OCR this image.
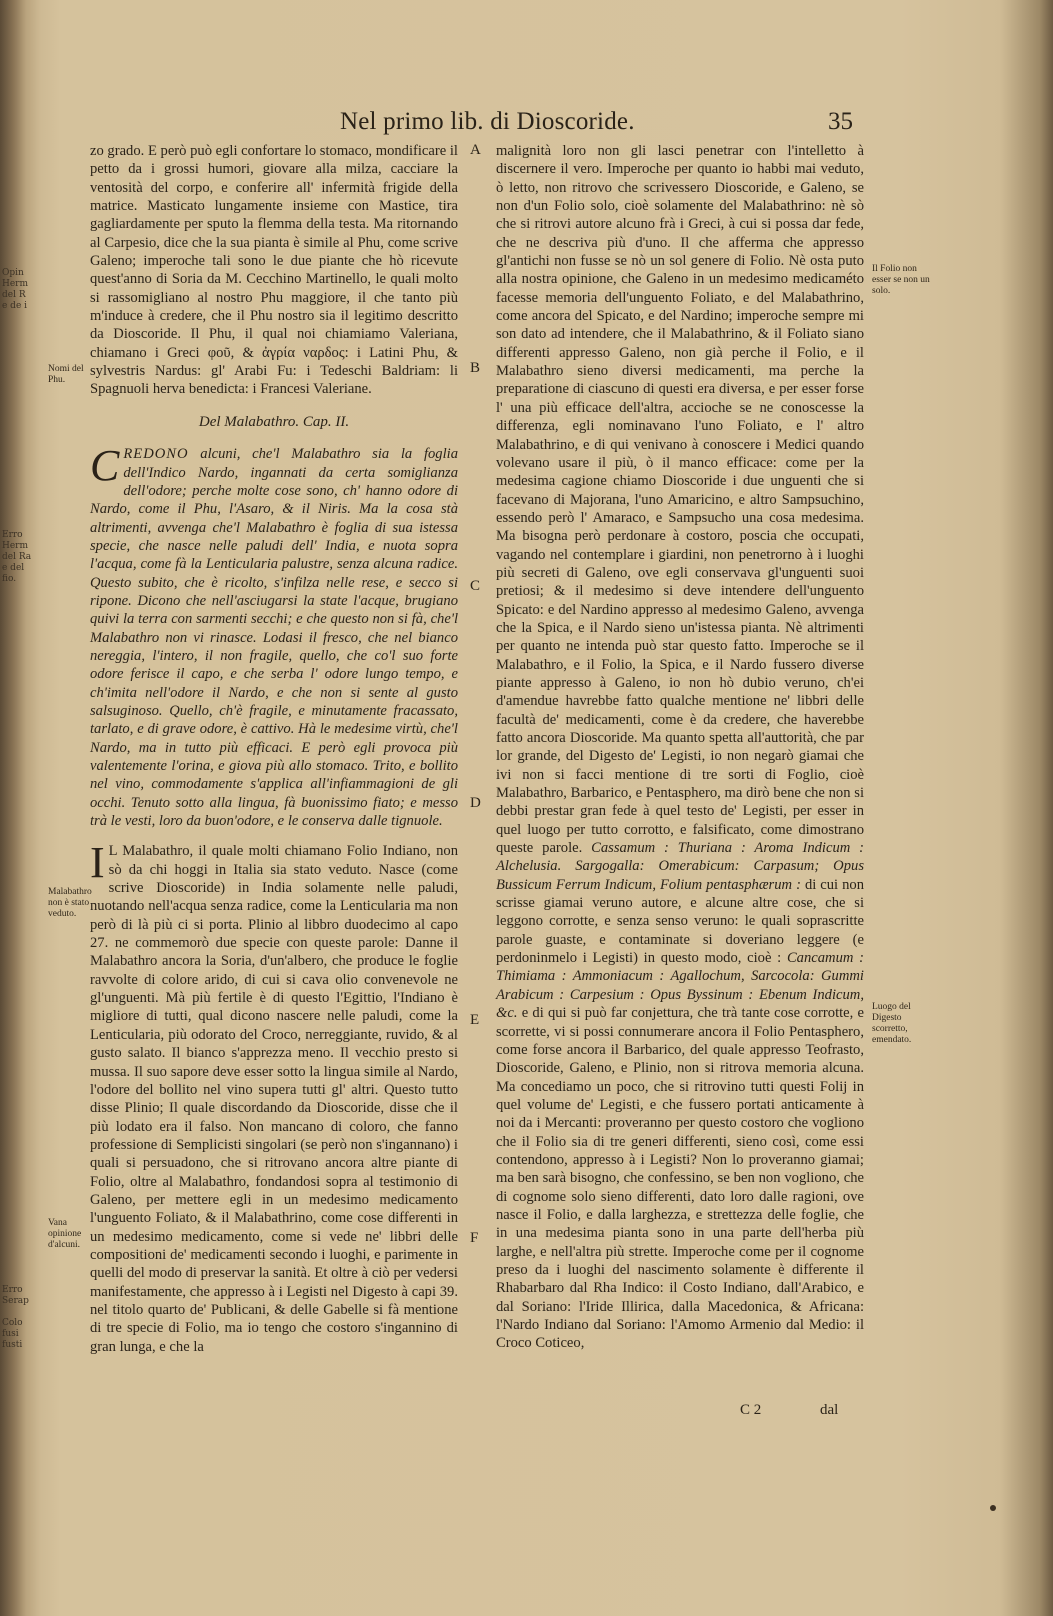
Opin
Herm
del R
e de i
Erro
Herm
del Ra
e del
fio.
Erro
Serap
Colo
fusi
fusti
Nel primo lib. di Dioscoride.	35
Nomi del Phu.
Malabathro non è stato veduto.
Vana opinione d'alcuni.
Il Folio non esser se non un solo.
Luogo del Digesto scorretto, emendato.
A
B
C
D
E
F

zo grado. E però può egli confortare lo stomaco, mondificare il petto da i grossi humori, giovare alla milza, cacciare la ventosità del corpo, e conferire all' infermità frigide della matrice. Masticato lungamente insieme con Mastice, tira gagliardamente per sputo la flemma della testa. Ma ritornando al Carpesio, dice che la sua pianta è simile al Phu, come scrive Galeno; imperoche tali sono le due piante che hò ricevute quest'anno di Soria da M. Cecchino Martinello, le quali molto si rassomigliano al nostro Phu maggiore, il che tanto più m'induce à credere, che il Phu nostro sia il legitimo descritto da Dioscoride. Il Phu, il qual noi chiamiamo Valeriana, chiamano i Greci φοῦ, & ἀγρία ναρδος: i Latini Phu, & sylvestris Nardus: gl' Arabi Fu: i Tedeschi Baldriam: li Spagnuoli herva benedicta: i Francesi Valeriane.

Del Malabathro. Cap. II.

CREDONO alcuni, che'l Malabathro sia la foglia dell'Indico Nardo, ingannati da certa somiglianza dell'odore; perche molte cose sono, ch' hanno odore di Nardo, come il Phu, l'Asaro, & il Niris. Ma la cosa stà altrimenti, avvenga che'l Malabathro è foglia di sua istessa specie, che nasce nelle paludi dell' India, e nuota sopra l'acqua, come fà la Lenticularia palustre, senza alcuna radice. Questo subito, che è ricolto, s'infilza nelle rese, e secco si ripone. Dicono che nell'asciugarsi la state l'acque, brugiano quivi la terra con sarmenti secchi; e che questo non si fà, che'l Malabathro non vi rinasce. Lodasi il fresco, che nel bianco nereggia, l'intero, il non fragile, quello, che co'l suo forte odore ferisce il capo, e che serba l' odore lungo tempo, e ch'imita nell'odore il Nardo, e che non si sente al gusto salsuginoso. Quello, ch'è fragile, e minutamente fracassato, tarlato, e di grave odore, è cattivo. Hà le medesime virtù, che'l Nardo, ma in tutto più efficaci. E però egli provoca più valentemente l'orina, e giova più allo stomaco. Trito, e bollito nel vino, commodamente s'applica all'infiammagioni de gli occhi. Tenuto sotto alla lingua, fà buonissimo fiato; e messo trà le vesti, loro da buon'odore, e le conserva dalle tignuole.

I L Malabathro, il quale molti chiamano Folio Indiano, non sò da chi hoggi in Italia sia stato veduto. Nasce (come scrive Dioscoride) in India solamente nelle paludi, nuotando nell'acqua senza radice, come la Lenticularia ma non però di là più ci si porta. Plinio al libbro duodecimo al capo 27. ne commemorò due specie con queste parole: Danne il Malabathro ancora la Soria, d'un'albero, che produce le foglie ravvolte di colore arido, di cui si cava olio convenevole ne gl'unguenti. Mà più fertile è di questo l'Egittio, l'Indiano è migliore di tutti, qual dicono nascere nelle paludi, come la Lenticularia, più odorato del Croco, nerreggiante, ruvido, & al gusto salato. Il bianco s'apprezza meno. Il vecchio presto si mussa. Il suo sapore deve esser sotto la lingua simile al Nardo, l'odore del bollito nel vino supera tutti gl' altri. Questo tutto disse Plinio; Il quale discordando da Dioscoride, disse che il più lodato era il falso. Non mancano di coloro, che fanno professione di Semplicisti singolari (se però non s'ingannano) i quali si persuadono, che si ritrovano ancora altre piante di Folio, oltre al Malabathro, fondandosi sopra al testimonio di Galeno, per mettere egli in un medesimo medicamento l'unguento Foliato, & il Malabathrino, come cose differenti in un medesimo medicamento, come si vede ne' libbri delle compositioni de' medicamenti secondo i luoghi, e parimente in quelli del modo di preservar la sanità. Et oltre à ciò per vedersi manifestamente, che appresso à i Legisti nel Digesto à capi 39. nel titolo quarto de' Publicani, & delle Gabelle si fà mentione di tre specie di Folio, ma io tengo che costoro s'ingannino di gran lunga, e che la

malignità loro non gli lasci penetrar con l'intelletto à discernere il vero. Imperoche per quanto io habbi mai veduto, ò letto, non ritrovo che scrivessero Dioscoride, e Galeno, se non d'un Folio solo, cioè solamente del Malabathrino: nè sò che si ritrovi autore alcuno frà i Greci, à cui si possa dar fede, che ne descriva più d'uno. Il che afferma che appresso gl'antichi non fusse se nò un sol genere di Folio. Nè osta puto alla nostra opinione, che Galeno in un medesimo medicaméto facesse memoria dell'unguento Foliato, e del Malabathrino, come ancora del Spicato, e del Nardino; imperoche sempre mi son dato ad intendere, che il Malabathrino, & il Foliato siano differenti appresso Galeno, non già perche il Folio, e il Malabathro sieno diversi medicamenti, ma perche la preparatione di ciascuno di questi era diversa, e per esser forse l' una più efficace dell'altra, accioche se ne conoscesse la differenza, egli nominavano l'uno Foliato, e l' altro Malabathrino, e di qui venivano à conoscere i Medici quando volevano usare il più, ò il manco efficace: come per la medesima cagione chiamo Dioscoride i due unguenti che si facevano di Majorana, l'uno Amaricino, e altro Sampsuchino, essendo però l' Amaraco, e Sampsucho una cosa medesima. Ma bisogna però perdonare à costoro, poscia che occupati, vagando nel contemplare i giardini, non penetrorno à i luoghi più secreti di Galeno, ove egli conservava gl'unguenti suoi pretiosi; & il medesimo si deve intendere dell'unguento Spicato: e del Nardino appresso al medesimo Galeno, avvenga che la Spica, e il Nardo sieno un'istessa pianta. Nè altrimenti per quanto ne intenda può star questo fatto. Imperoche se il Malabathro, e il Folio, la Spica, e il Nardo fussero diverse piante appresso à Galeno, io non hò dubio veruno, ch'ei d'amendue havrebbe fatto qualche mentione ne' libbri delle facultà de' medicamenti, come è da credere, che haverebbe fatto ancora Dioscoride. Ma quanto spetta all'auttorità, che par lor grande, del Digesto de' Legisti, io non negarò giamai che ivi non si facci mentione di tre sorti di Foglio, cioè Malabathro, Barbarico, e Pentasphero, ma dirò bene che non si debbi prestar gran fede à quel testo de' Legisti, per esser in quel luogo per tutto corrotto, e falsificato, come dimostrano queste parole. Cassamum : Thuriana : Aroma Indicum : Alchelusia. Sargogalla: Omerabicum: Carpasum; Opus Bussicum Ferrum Indicum, Folium pentasphærum : di cui non scrisse giamai veruno autore, e alcune altre cose, che si leggono corrotte, e senza senso veruno: le quali soprascritte parole guaste, e contaminate si doveriano leggere (e perdoninmelo i Legisti) in questo modo, cioè : Cancamum : Thimiama : Ammoniacum : Agallochum, Sarcocola: Gummi Arabicum : Carpesium : Opus Byssinum : Ebenum Indicum, &c. e di qui si può far conjettura, che trà tante cose corrotte, e scorrette, vi si possi connumerare ancora il Folio Pentasphero, come forse ancora il Barbarico, del quale appresso Teofrasto, Dioscoride, Galeno, e Plinio, non si ritrova memoria alcuna. Ma concediamo un poco, che si ritrovino tutti questi Folij in quel volume de' Legisti, e che fussero portati anticamente à noi da i Mercanti: proveranno per questo costoro che vogliono che il Folio sia di tre generi differenti, sieno così, come essi contendono, appresso à i Legisti? Non lo proveranno giamai; ma ben sarà bisogno, che confessino, se ben non vogliono, che di cognome solo sieno differenti, dato loro dalle ragioni, ove nasce il Folio, e dalla larghezza, e strettezza delle foglie, che in una medesima pianta sono in una parte dell'herba più larghe, e nell'altra più strette. Imperoche come per il cognome preso da i luoghi del nascimento solamente è differente il Rhabarbaro dal Rha Indico: il Costo Indiano, dall'Arabico, e dal Soriano: l'Iride Illirica, dalla Macedonica, & Africana: l'Nardo Indiano dal Soriano: l'Amomo Armenio dal Medio: il Croco Cotiсeo,

C 2	dal
